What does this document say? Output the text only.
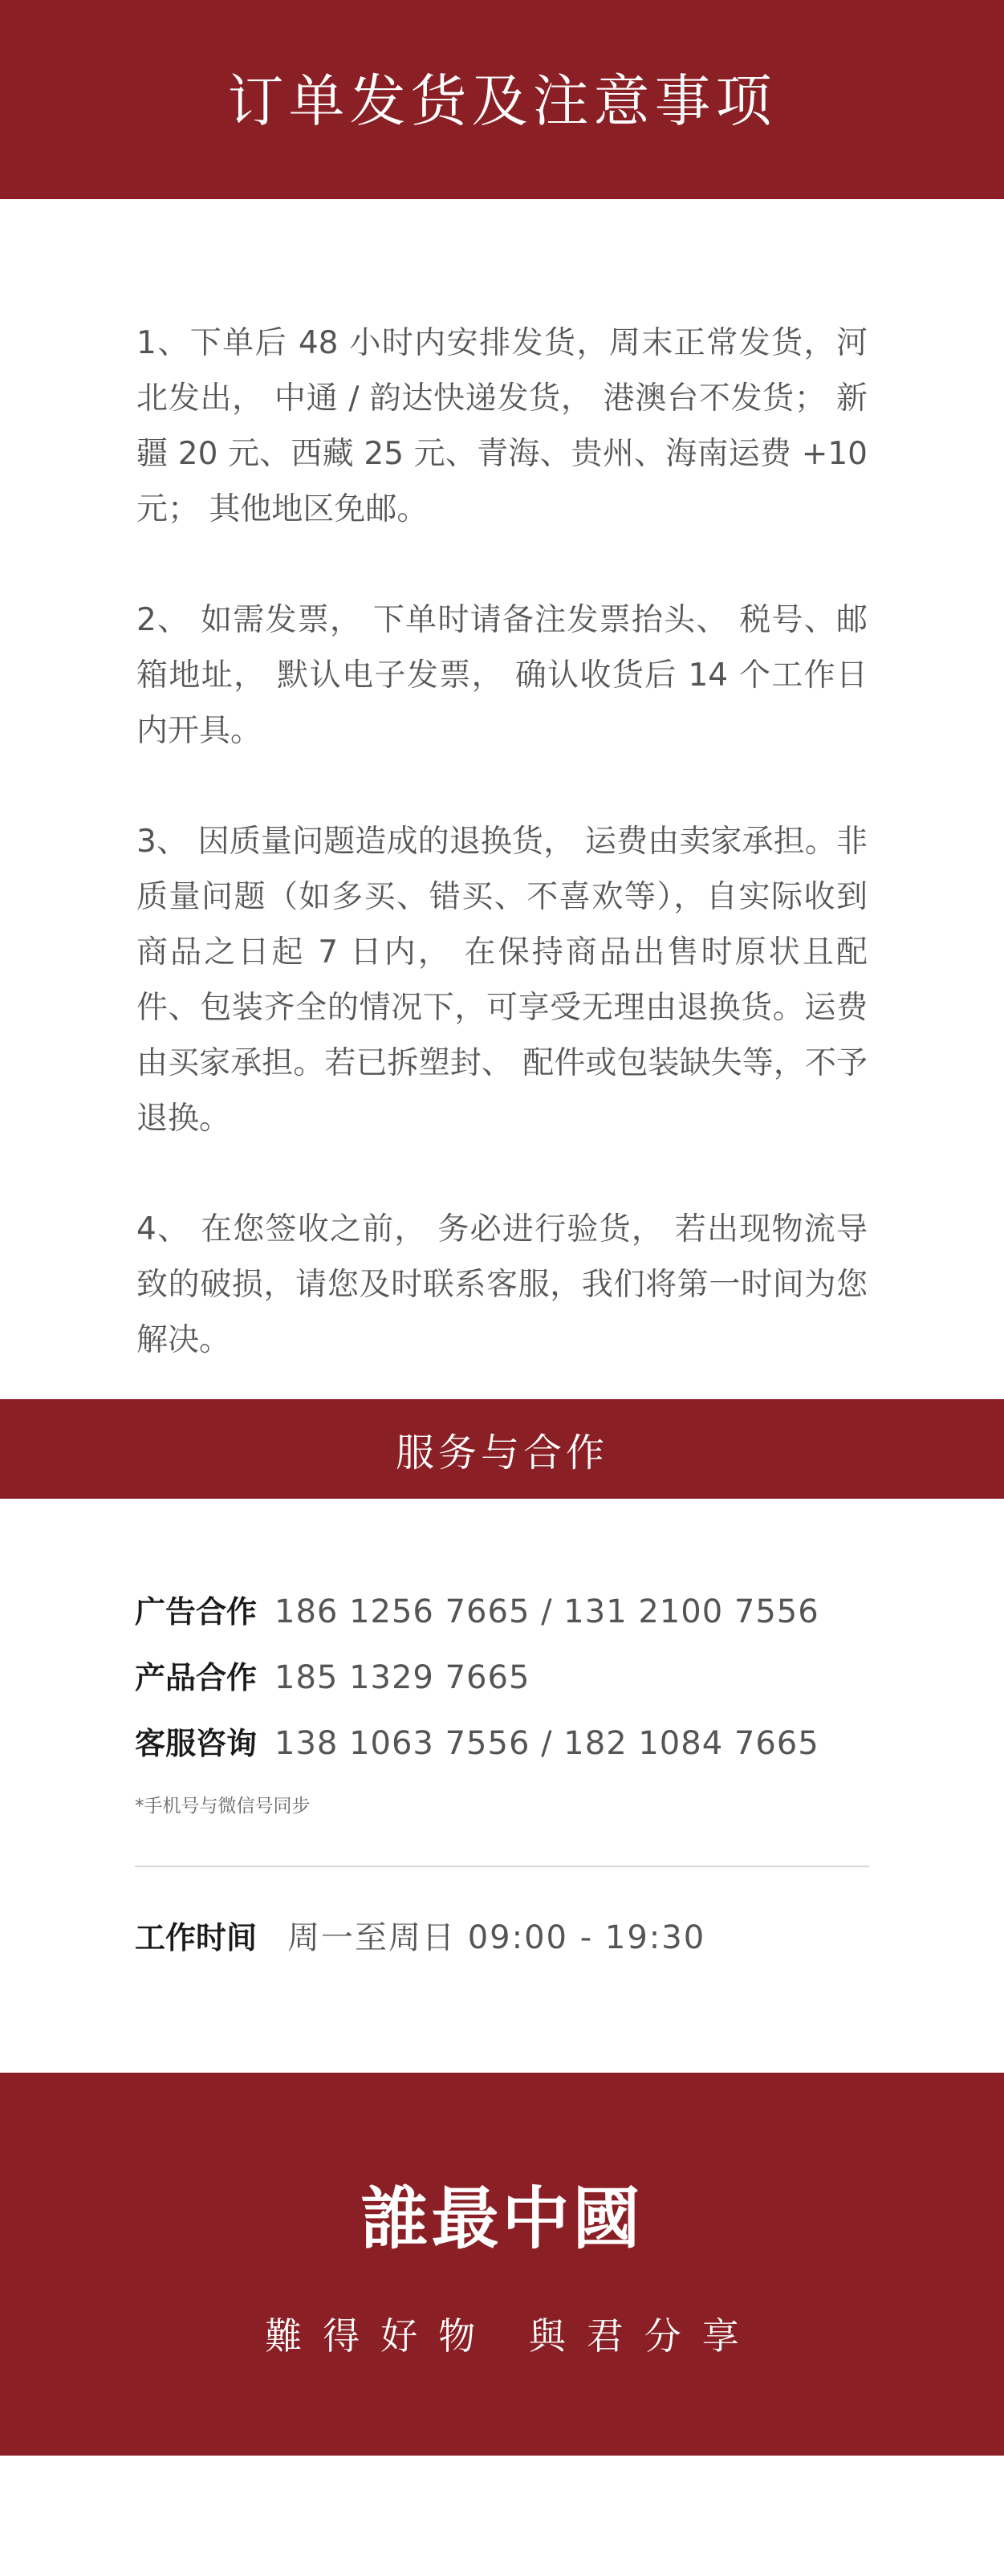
订单发货及注意事项

1、下单后 48 小时内安排发货，周末正常发货，河北发出， 中通 / 韵达快递发货， 港澳台不发货； 新疆 20 元、西藏 25 元、青海、贵州、海南运费 +10 元； 其他地区免邮。

2、 如需发票， 下单时请备注发票抬头、 税号、邮箱地址， 默认电子发票， 确认收货后 14 个工作日内开具。

3、 因质量问题造成的退换货， 运费由卖家承担。非质量问题（如多买、错买、不喜欢等），自实际收到商品之日起 7 日内， 在保持商品出售时原状且配件、包装齐全的情况下，可享受无理由退换货。运费由买家承担。若已拆塑封、 配件或包装缺失等，不予退换。

4、 在您签收之前， 务必进行验货， 若出现物流导致的破损，请您及时联系客服，我们将第一时间为您解决。

服务与合作
广告合作 186 1256 7665 / 131 2100 7556
产品合作 185 1329 7665
客服咨询 138 1063 7556 / 182 1084 7665
*手机号与微信号同步
工作时间 周一至周日 09:00 - 19:30
誰最中國
難得好物 與君分享
